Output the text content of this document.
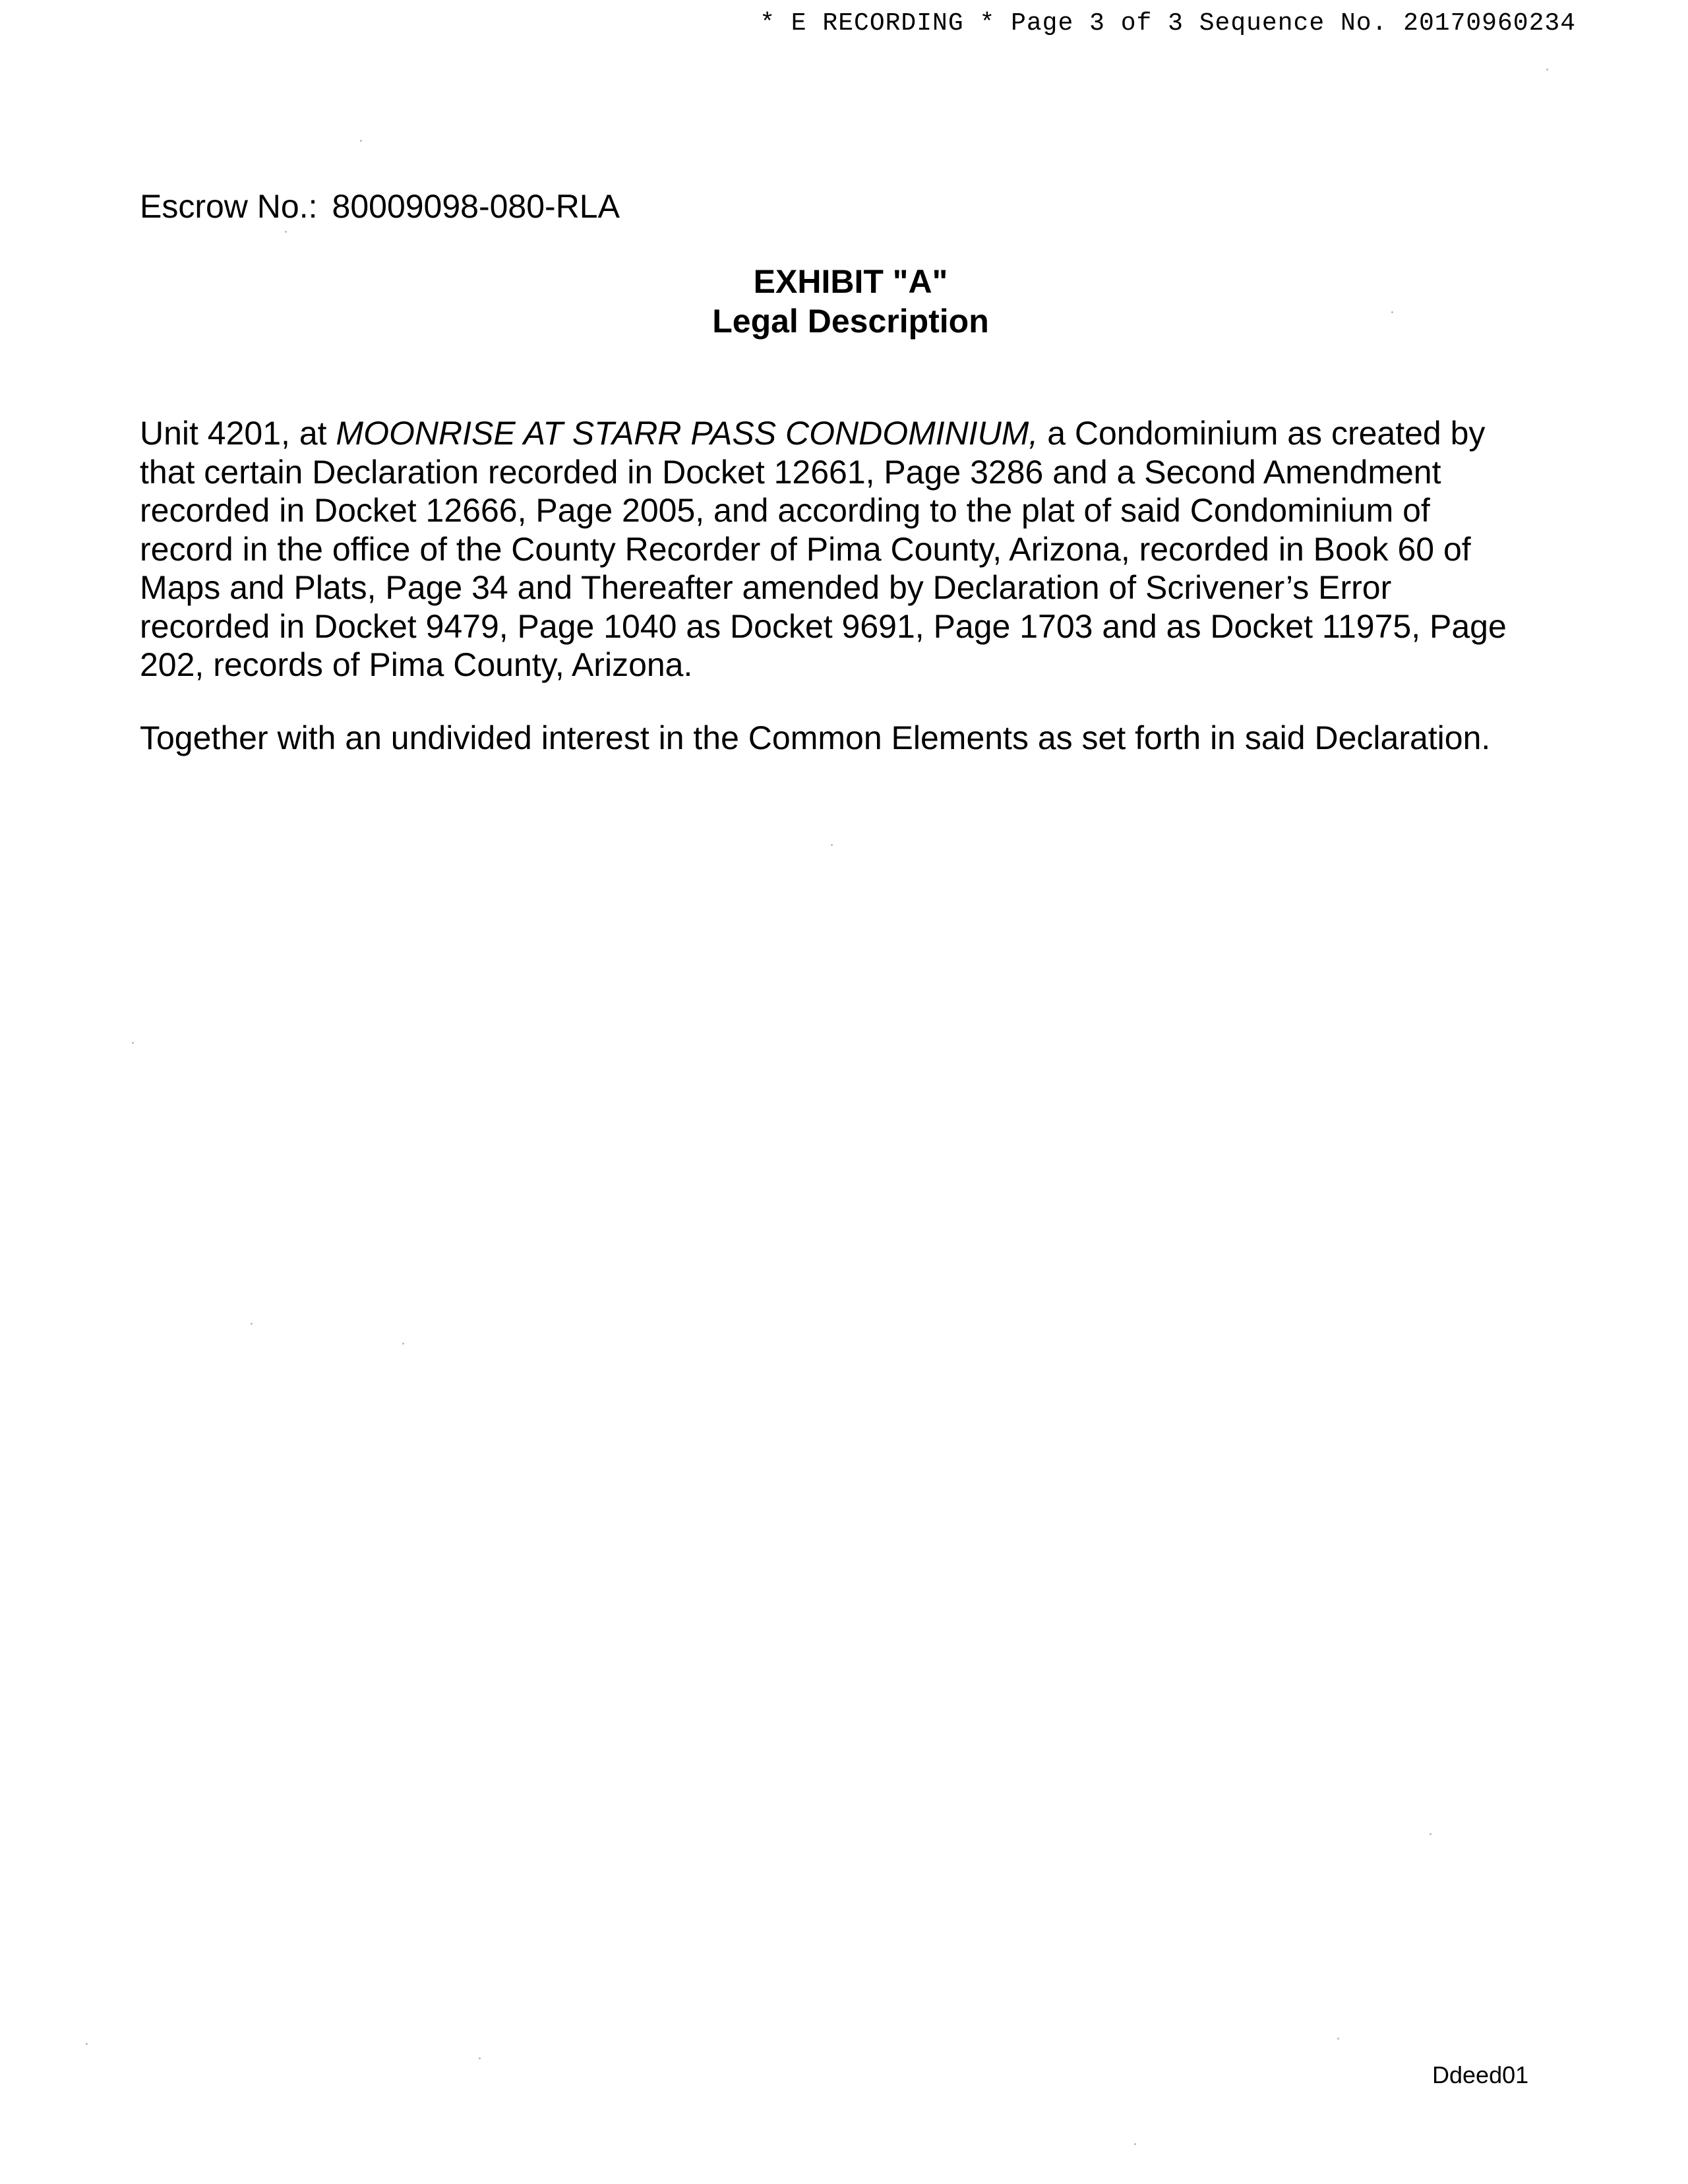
* E RECORDING * Page 3 of 3 Sequence No. 20170960234
Escrow No.: 80009098-080-RLA
EXHIBIT "A"
Legal Description
Unit 4201, at MOONRISE AT STARR PASS CONDOMINIUM, a Condominium as created by
that certain Declaration recorded in Docket 12661, Page 3286 and a Second Amendment
recorded in Docket 12666, Page 2005, and according to the plat of said Condominium of
record in the office of the County Recorder of Pima County, Arizona, recorded in Book 60 of
Maps and Plats, Page 34 and Thereafter amended by Declaration of Scrivener’s Error
recorded in Docket 9479, Page 1040 as Docket 9691, Page 1703 and as Docket 11975, Page
202, records of Pima County, Arizona.
Together with an undivided interest in the Common Elements as set forth in said Declaration.
Ddeed01
